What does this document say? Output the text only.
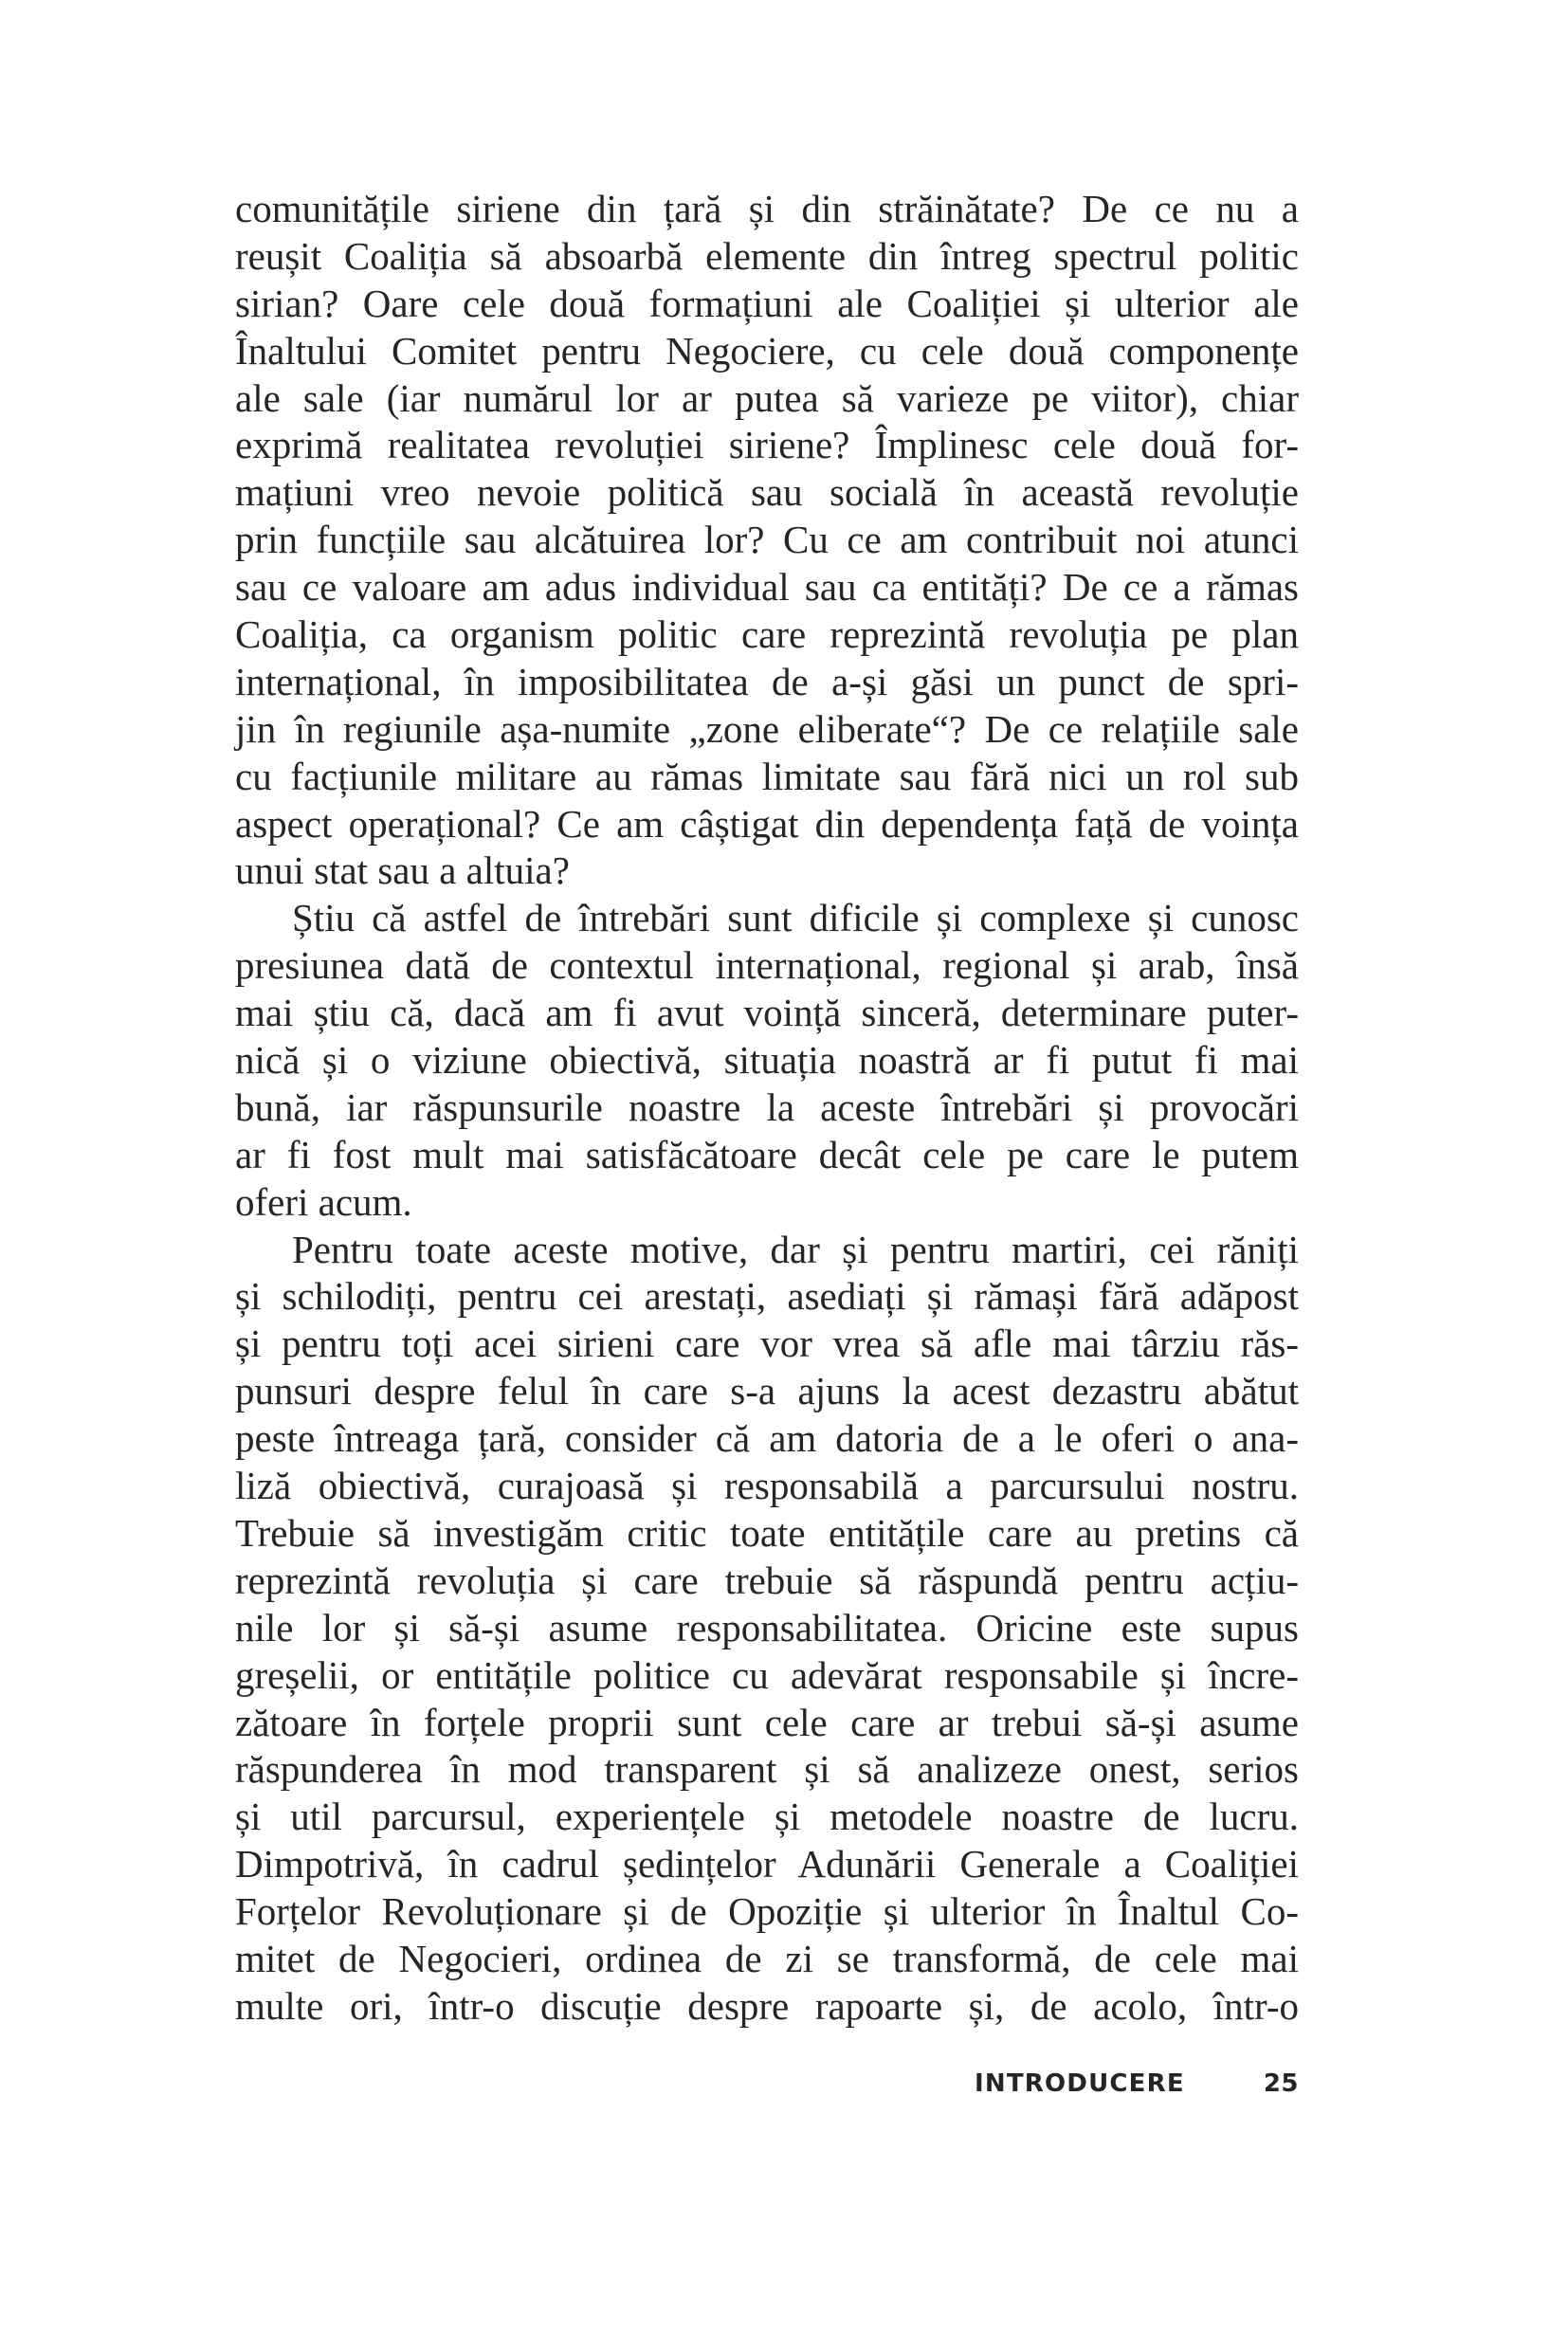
comunitățile siriene din țară și din străinătate? De ce nu a
reușit Coaliția să absoarbă elemente din întreg spectrul politic
sirian? Oare cele două formațiuni ale Coaliției și ulterior ale
Înaltului Comitet pentru Negociere, cu cele două componențe
ale sale (iar numărul lor ar putea să varieze pe viitor), chiar
exprimă realitatea revoluției siriene? Împlinesc cele două for-
mațiuni vreo nevoie politică sau socială în această revoluție
prin funcțiile sau alcătuirea lor? Cu ce am contribuit noi atunci
sau ce valoare am adus individual sau ca entități? De ce a rămas
Coaliția, ca organism politic care reprezintă revoluția pe plan
internațional, în imposibilitatea de a-și găsi un punct de spri-
jin în regiunile așa-numite „zone eliberate“? De ce relațiile sale
cu facțiunile militare au rămas limitate sau fără nici un rol sub
aspect operațional? Ce am câștigat din dependența față de voința
unui stat sau a altuia?
Știu că astfel de întrebări sunt dificile și complexe și cunosc
presiunea dată de contextul internațional, regional și arab, însă
mai știu că, dacă am fi avut voință sinceră, determinare puter-
nică și o viziune obiectivă, situația noastră ar fi putut fi mai
bună, iar răspunsurile noastre la aceste întrebări și provocări
ar fi fost mult mai satisfăcătoare decât cele pe care le putem
oferi acum.
Pentru toate aceste motive, dar și pentru martiri, cei răniți
și schilodiți, pentru cei arestați, asediați și rămași fără adăpost
și pentru toți acei sirieni care vor vrea să afle mai târziu răs-
punsuri despre felul în care s-a ajuns la acest dezastru abătut
peste întreaga țară, consider că am datoria de a le oferi o ana-
liză obiectivă, curajoasă și responsabilă a parcursului nostru.
Trebuie să investigăm critic toate entitățile care au pretins că
reprezintă revoluția și care trebuie să răspundă pentru acțiu-
nile lor și să-și asume responsabilitatea. Oricine este supus
greșelii, or entitățile politice cu adevărat responsabile și încre-
zătoare în forțele proprii sunt cele care ar trebui să-și asume
răspunderea în mod transparent și să analizeze onest, serios
și util parcursul, experiențele și metodele noastre de lucru.
Dimpotrivă, în cadrul ședințelor Adunării Generale a Coaliției
Forțelor Revoluționare și de Opoziție și ulterior în Înaltul Co-
mitet de Negocieri, ordinea de zi se transformă, de cele mai
multe ori, într-o discuție despre rapoarte și, de acolo, într-o
INTRODUCERE	25
